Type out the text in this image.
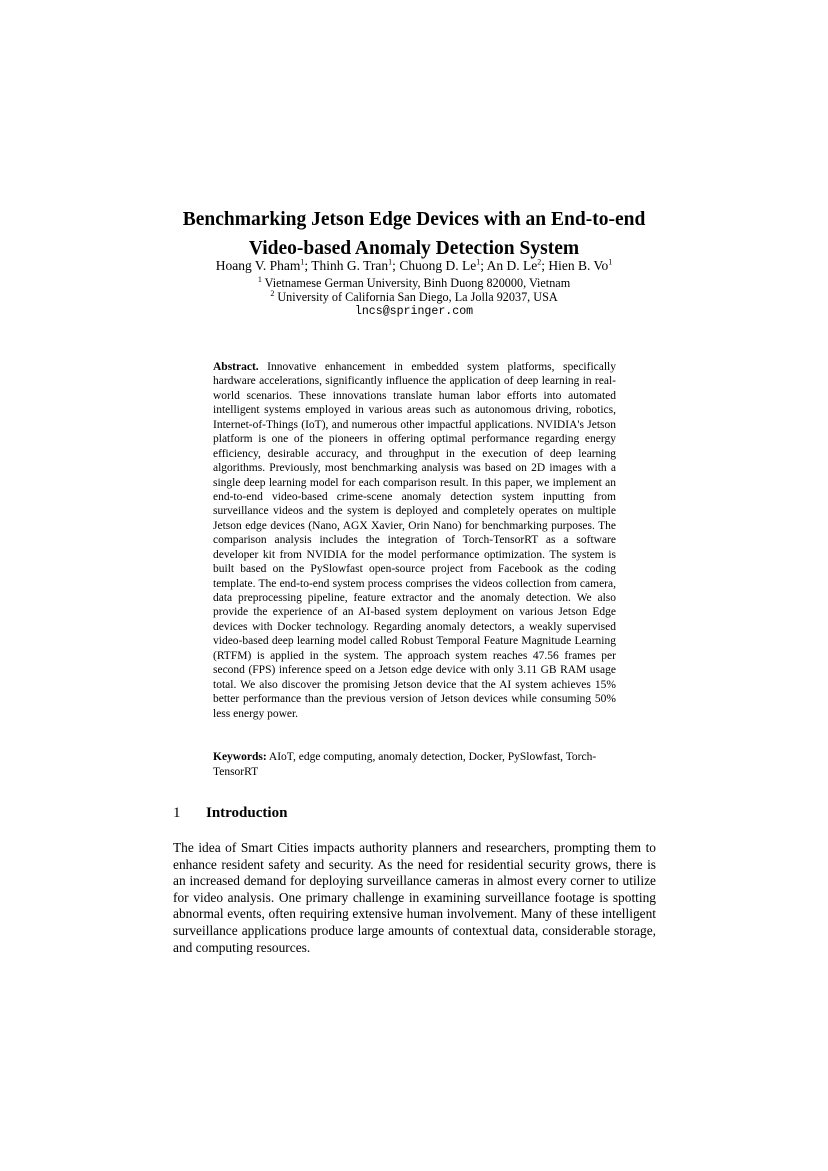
Benchmarking Jetson Edge Devices with an End-to-end
Video-based Anomaly Detection System
Hoang V. Pham$^1$; Thinh G. Tran$^1$; Chuong D. Le$^1$; An D. Le$^2$; Hien B. Vo$^1$
$^1$ Vietnamese German University, Binh Duong 820000, Vietnam
$^2$ University of California San Diego, La Jolla 92037, USA
lncs@springer.com
Abstract. Innovative enhancement in embedded system platforms, specifically hardware accelerations, significantly influence the application of deep learning in real-world scenarios. These innovations translate human labor efforts into automated intelligent systems employed in various areas such as autonomous driving, robotics, Internet-of-Things (IoT), and numerous other impactful applications. NVIDIA's Jetson platform is one of the pioneers in offering optimal performance regarding energy efficiency, desirable accuracy, and throughput in the execution of deep learning algorithms. Previously, most benchmarking analysis was based on 2D images with a single deep learning model for each comparison result. In this paper, we implement an end-to-end video-based crime-scene anomaly detection system inputting from surveillance videos and the system is deployed and completely operates on multiple Jetson edge devices (Nano, AGX Xavier, Orin Nano) for benchmarking purposes. The comparison analysis includes the integration of Torch-TensorRT as a software developer kit from NVIDIA for the model performance optimization. The system is built based on the PySlowfast open-source project from Facebook as the coding template. The end-to-end system process comprises the videos collection from camera, data preprocessing pipeline, feature extractor and the anomaly detection. We also provide the experience of an AI-based system deployment on various Jetson Edge devices with Docker technology. Regarding anomaly detectors, a weakly supervised video-based deep learning model called Robust Temporal Feature Magnitude Learning (RTFM) is applied in the system. The approach system reaches 47.56 frames per second (FPS) inference speed on a Jetson edge device with only 3.11 GB RAM usage total. We also discover the promising Jetson device that the AI system achieves 15% better performance than the previous version of Jetson devices while consuming 50% less energy power.
Keywords: AIoT, edge computing, anomaly detection, Docker, PySlowfast, Torch-TensorRT
1 Introduction
The idea of Smart Cities impacts authority planners and researchers, prompting them to enhance resident safety and security. As the need for residential security grows, there is an increased demand for deploying surveillance cameras in almost every corner to utilize for video analysis. One primary challenge in examining surveillance footage is spotting abnormal events, often requiring extensive human involvement. Many of these intelligent surveillance applications produce large amounts of contextual data, considerable storage, and computing resources.
